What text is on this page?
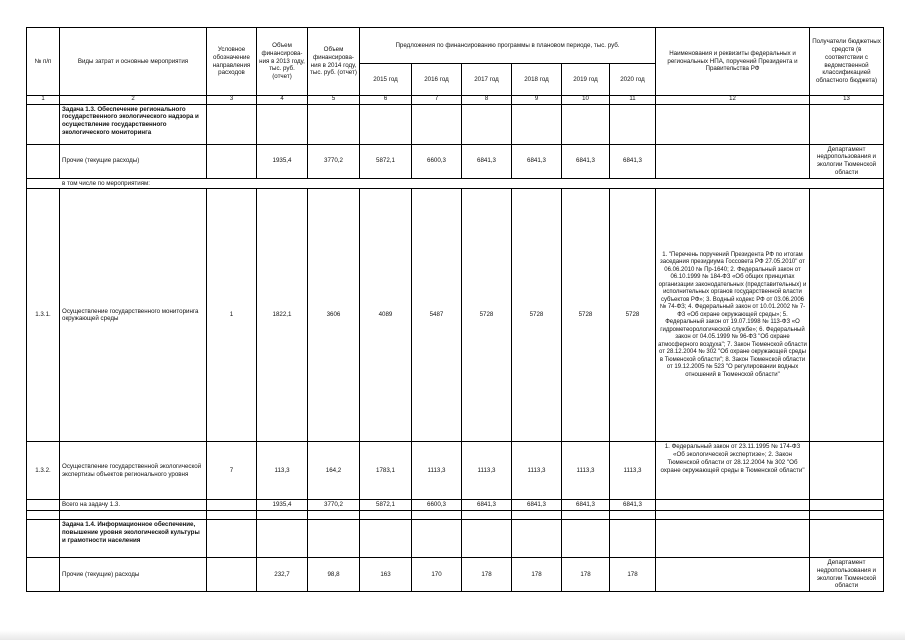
№ п/п	Виды затрат и основные мероприятия	Условное обозначение направления расходов	Объем финансирова-ния в 2013 году, тыс. руб. (отчет)	Объем финансирова-ния в 2014 году, тыс. руб. (отчет)	Предложения по финансированию программы в плановом периоде, тыс. руб.						Наименования и реквизиты федеральных и региональных НПА, поручений Президента и Правительства РФ	Получатели бюджетных средств (в соответствии с ведомственной классификацией областного бюджета)
					2015 год	2016 год	2017 год	2018 год	2019 год	2020 год		
1	2	3	4	5	6	7	8	9	10	11	12	13
	Задача 1.3. Обеспечение регионального государственного экологического надзора и осуществление государственного экологического мониторинга											
	Прочие (текущие расходы)		1935,4	3770,2	5872,1	6600,3	6841,3	6841,3	6841,3	6841,3		Департамент недропользования и экологии Тюменской области
в том числе по мероприятиям:												
1.3.1.	Осуществление государственного мониторинга окружающей среды	1	1822,1	3606	4089	5487	5728	5728	5728	5728	1. "Перечень поручений Президента РФ по итогам заседания президиума Госсовета РФ 27.05.2010" от 06.06.2010 № Пр-1640; 2. Федеральный закон от 06.10.1999 № 184-ФЗ «Об общих принципах организации законодательных (представительных) и исполнительных органов государственной власти субъектов РФ»; 3. Водный кодекс РФ от 03.06.2006 № 74-ФЗ; 4. Федеральный закон от 10.01.2002 № 7-ФЗ «Об охране окружающей среды»; 5. Федеральный закон от 19.07.1998 № 113-ФЗ «О гидрометеорологической службе»; 6. Федеральный закон от 04.05.1999 № 96-ФЗ "Об охране атмосферного воздуха"; 7. Закон Тюменской области от 28.12.2004 № 302 "Об охране окружающей среды в Тюменской области"; 8. Закон Тюменской области от 19.12.2005 № 523 "О регулировании водных отношений в Тюменской области"	
1.3.2.	Осуществление государственной экологической экспертизы объектов регионального уровня	7	113,3	164,2	1783,1	1113,3	1113,3	1113,3	1113,3	1113,3	1. Федеральный закон от 23.11.1995 № 174-ФЗ «Об экологической экспертизе»; 2. Закон Тюменской области от 28.12.2004 № 302 "Об охране окружающей среды в Тюменской области"	
	Всего на задачу 1.3.		1935,4	3770,2	5872,1	6600,3	6841,3	6841,3	6841,3	6841,3		

	Задача 1.4. Информационное обеспечение, повышение уровня экологической культуры и грамотности населения											
	Прочие (текущие) расходы		232,7	98,8	163	170	178	178	178	178		Департамент недропользования и экологии Тюменской области
